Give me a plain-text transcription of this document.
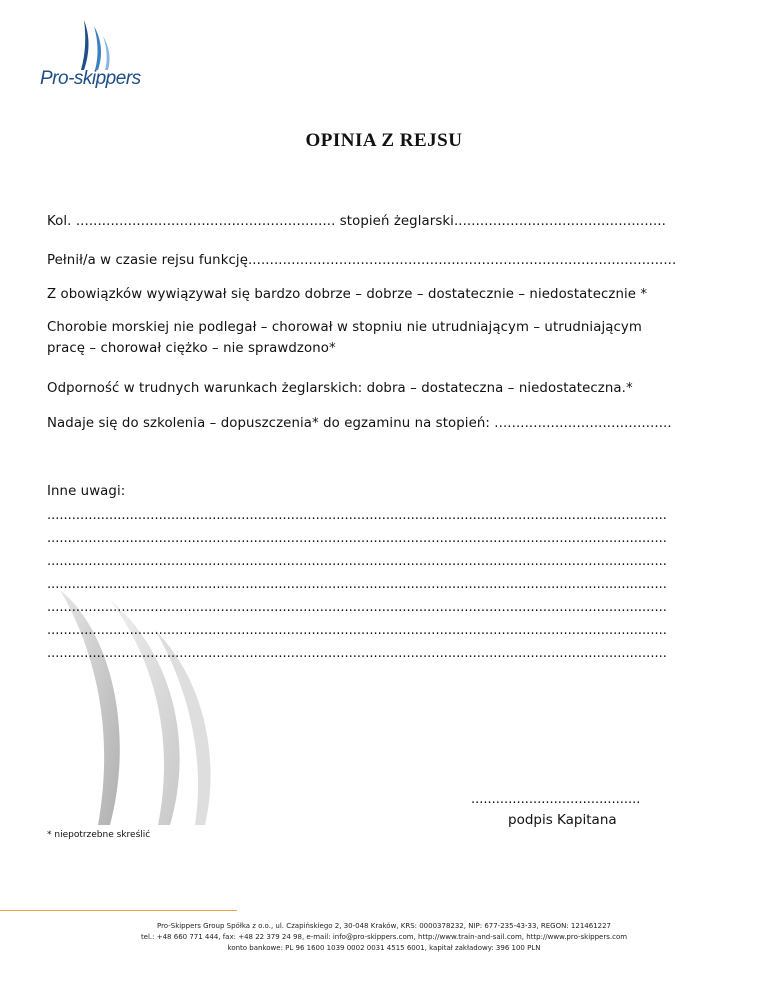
Pro-skippers
OPINIA Z REJSU
Kol. ............................................................ stopień żeglarski.................................................
Pełnił/a w czasie rejsu funkcję...................................................................................................
Z obowiązków wywiązywał się bardzo dobrze – dobrze – dostatecznie – niedostatecznie *
Chorobie morskiej nie podlegał – chorował w stopniu nie utrudniającym – utrudniającym
pracę – chorował ciężko – nie sprawdzono*
Odporność w trudnych warunkach żeglarskich: dobra – dostateczna – niedostateczna.*
Nadaje się do szkolenia – dopuszczenia* do egzaminu na stopień: .........................................
Inne uwagi:
......................................................................................................................................................
......................................................................................................................................................
......................................................................................................................................................
......................................................................................................................................................
......................................................................................................................................................
......................................................................................................................................................
......................................................................................................................................................
.........................................
podpis Kapitana
* niepotrzebne skreślić
Pro-Skippers Group Spółka z o.o., ul. Czapińskiego 2, 30-048 Kraków, KRS: 0000378232, NIP: 677-235-43-33, REGON: 121461227
tel.: +48 660 771 444, fax: +48 22 379 24 98, e-mail: info@pro-skippers.com, http://www.train-and-sail.com, http://www.pro-skippers.com
konto bankowe: PL 96 1600 1039 0002 0031 4515 6001, kapitał zakładowy: 396 100 PLN
